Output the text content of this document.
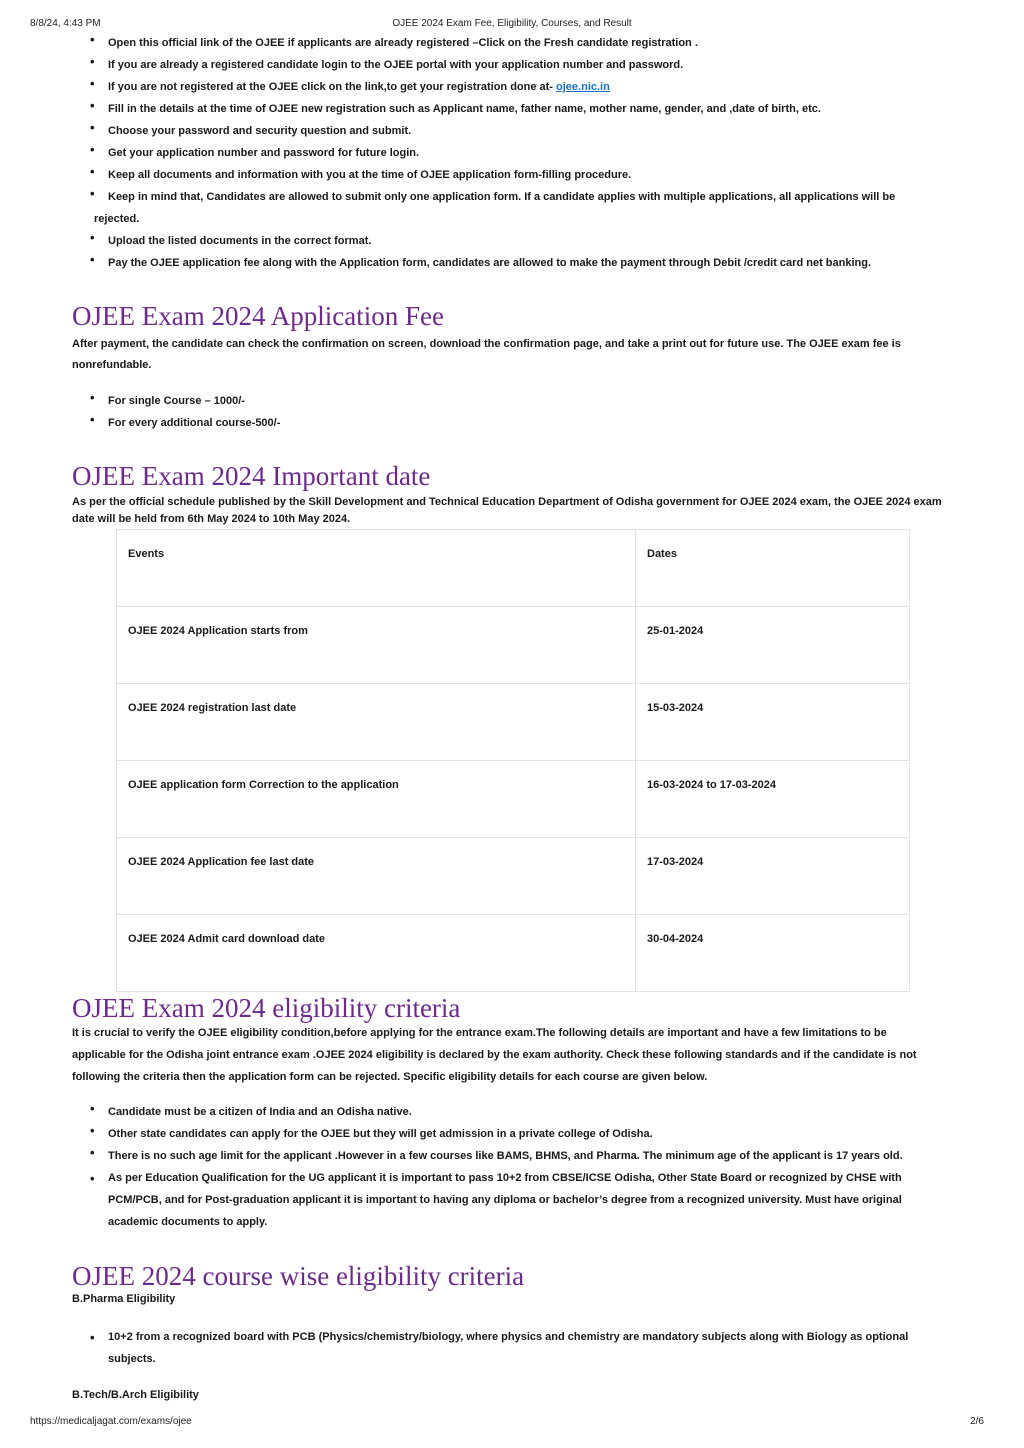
8/8/24, 4:43 PM	OJEE 2024 Exam Fee, Eligibility, Courses, and Result
• Open this official link of the OJEE if applicants are already registered –Click on the Fresh candidate registration .
• If you are already a registered candidate login to the OJEE portal with your application number and password.
• If you are not registered at the OJEE click on the link,to get your registration done at- ojee.nic.in
• Fill in the details at the time of OJEE new registration such as Applicant name, father name, mother name, gender, and ,date of birth, etc.
• Choose your password and security question and submit.
• Get your application number and password for future login.
• Keep all documents and information with you at the time of OJEE application form-filling procedure.
•	Keep in mind that, Candidates are allowed to submit only one application form. If a candidate applies with multiple applications, all applications will be
rejected.
• Upload the listed documents in the correct format.
• Pay the OJEE application fee along with the Application form, candidates are allowed to make the payment through Debit /credit card net banking.
OJEE Exam 2024 Application Fee

After payment, the candidate can check the confirmation on screen, download the confirmation page, and take a print out for future use. The OJEE exam fee is
nonrefundable.

• For single Course – 1000/-
• For every additional course-500/-
OJEE Exam 2024 Important date

As per the official schedule published by the Skill Development and Technical Education Department of Odisha government for OJEE 2024 exam, the OJEE 2024 exam
date will be held from 6th May 2024 to 10th May 2024.

Events	Dates
OJEE 2024 Application starts from	25-01-2024
OJEE 2024 registration last date	15-03-2024
OJEE application form Correction to the application	16-03-2024 to 17-03-2024
OJEE 2024 Application fee last date	17-03-2024
OJEE 2024 Admit card download date	30-04-2024
OJEE Exam 2024 eligibility criteria

It is crucial to verify the OJEE eligibility condition,before applying for the entrance exam.The following details are important and have a few limitations to be
applicable for the Odisha joint entrance exam .OJEE 2024 eligibility is declared by the exam authority. Check these following standards and if the candidate is not
following the criteria then the application form can be rejected. Specific eligibility details for each course are given below.

• Candidate must be a citizen of India and an Odisha native.
• Other state candidates can apply for the OJEE but they will get admission in a private college of Odisha.
• There is no such age limit for the applicant .However in a few courses like BAMS, BHMS, and Pharma. The minimum age of the applicant is 17 years old.
• As per Education Qualification for the UG applicant it is important to pass 10+2 from CBSE/ICSE Odisha, Other State Board or recognized by CHSE with
PCM/PCB, and for Post-graduation applicant it is important to having any diploma or bachelor’s degree from a recognized university. Must have original
academic documents to apply.
OJEE 2024 course wise eligibility criteria

B.Pharma Eligibility

• 10+2 from a recognized board with PCB (Physics/chemistry/biology, where physics and chemistry are mandatory subjects along with Biology as optional
subjects.

B.Tech/B.Arch Eligibility

https://medicaljagat.com/exams/ojee	2/6
